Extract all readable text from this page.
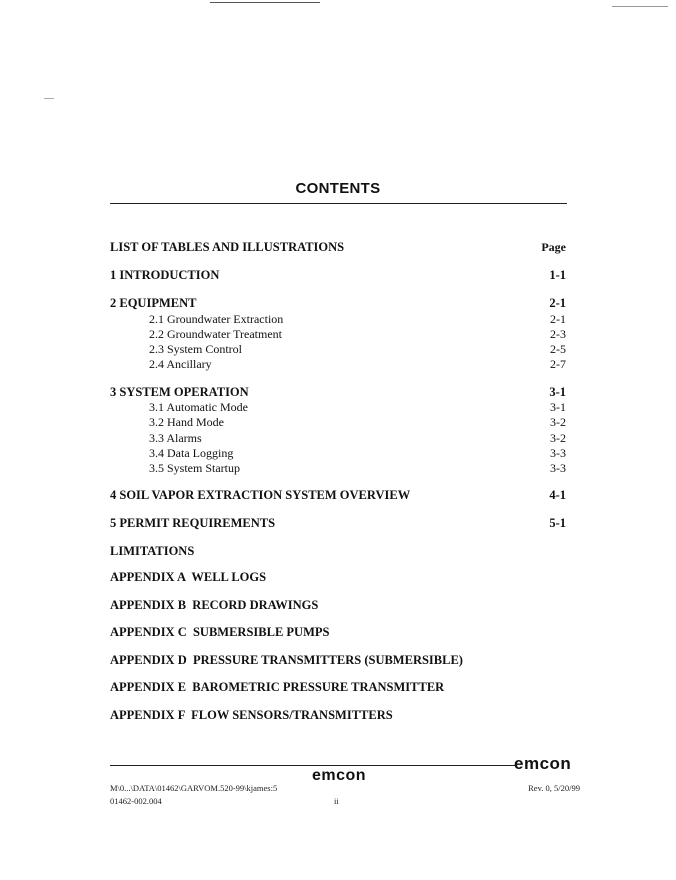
CONTENTS
LIST OF TABLES AND ILLUSTRATIONS	Page
1 INTRODUCTION	1-1
2 EQUIPMENT	2-1
2.1 Groundwater Extraction	2-1
2.2 Groundwater Treatment	2-3
2.3 System Control	2-5
2.4 Ancillary	2-7
3 SYSTEM OPERATION	3-1
3.1 Automatic Mode	3-1
3.2 Hand Mode	3-2
3.3 Alarms	3-2
3.4 Data Logging	3-3
3.5 System Startup	3-3
4 SOIL VAPOR EXTRACTION SYSTEM OVERVIEW	4-1
5 PERMIT REQUIREMENTS	5-1
LIMITATIONS
APPENDIX A  WELL LOGS
APPENDIX B  RECORD DRAWINGS
APPENDIX C  SUBMERSIBLE PUMPS
APPENDIX D  PRESSURE TRANSMITTERS (SUBMERSIBLE)
APPENDIX E  BAROMETRIC PRESSURE TRANSMITTER
APPENDIX F  FLOW SENSORS/TRANSMITTERS
emcon
emcon
M\0...\DATA\01462\GARVOM.520-99\kjames:5
01462-002.004	ii
Rev. 0, 5/20/99
